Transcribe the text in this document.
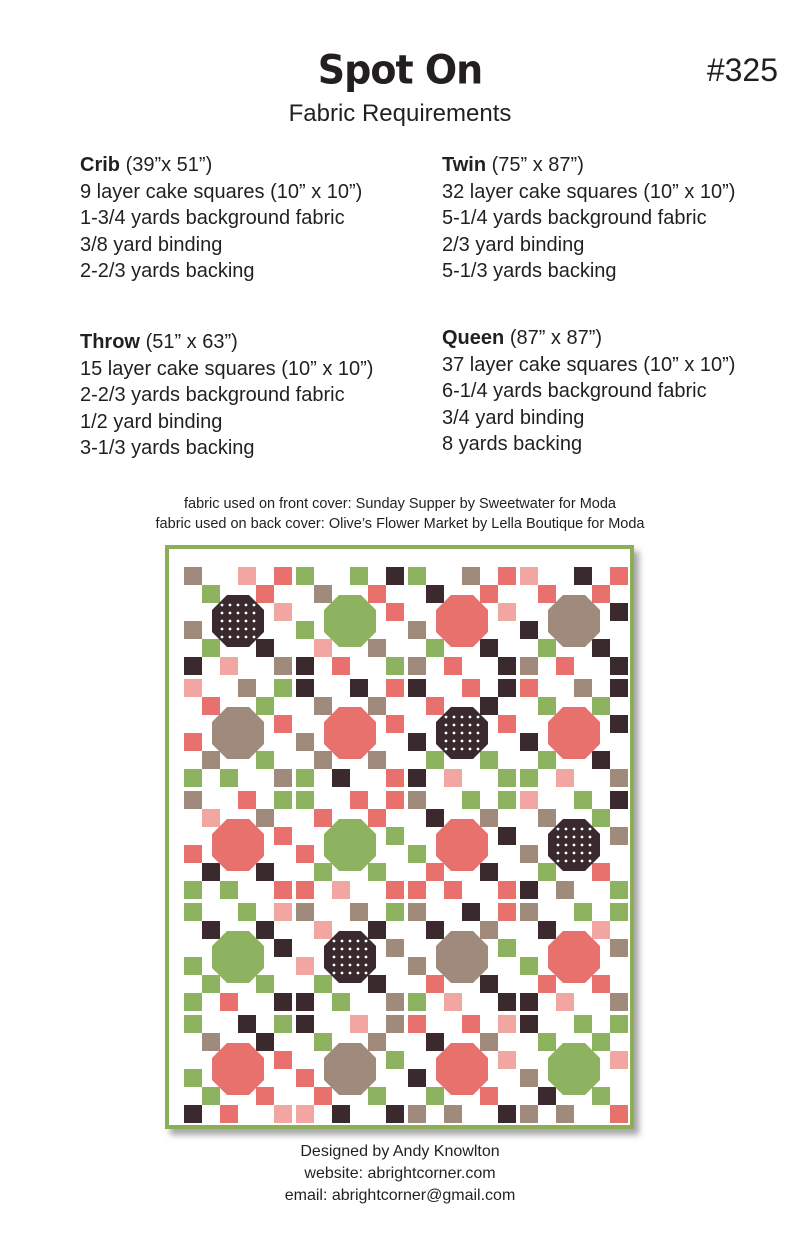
Spot On	#325
Fabric Requirements
Crib (39”x 51”)
9 layer cake squares (10” x 10”)
1-3/4 yards background fabric
3/8 yard binding
2-2/3 yards backing
Twin (75” x 87”)
32 layer cake squares (10” x 10”)
5-1/4 yards background fabric
2/3 yard binding
5-1/3 yards backing
Throw (51” x 63”)
15 layer cake squares (10” x 10”)
2-2/3 yards background fabric
1/2 yard binding
3-1/3 yards backing
Queen (87” x 87”)
37 layer cake squares (10” x 10”)
6-1/4 yards background fabric
3/4 yard binding
8 yards backing
fabric used on front cover: Sunday Supper by Sweetwater for Moda
fabric used on back cover: Olive’s Flower Market by Lella Boutique for Moda
Designed by Andy Knowlton
website: abrightcorner.com
email: abrightcorner@gmail.com
